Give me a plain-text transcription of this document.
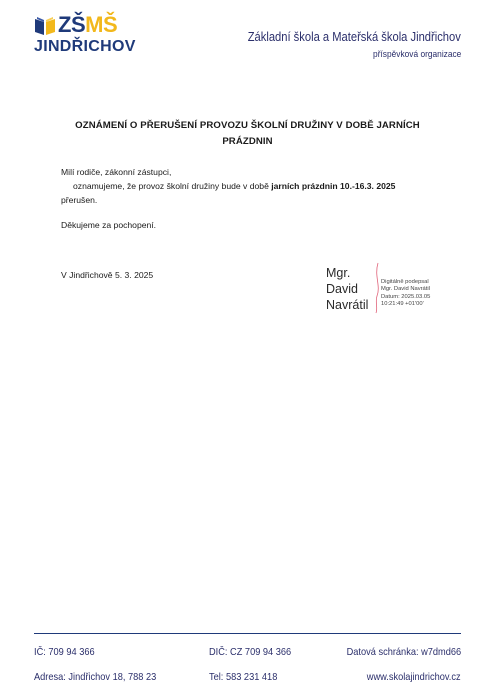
ZŠMŠ
JINDŘICHOV
Základní škola a Mateřská škola Jindřichov
příspěvková organizace
OZNÁMENÍ O PŘERUŠENÍ PROVOZU ŠKOLNÍ DRUŽINY V DOBĚ JARNÍCH
PRÁZDNIN
Milí rodiče, zákonní zástupci,
oznamujeme, že provoz školní družiny bude v době jarních prázdnin 10.-16.3. 2025
přerušen.
Děkujeme za pochopení.
V Jindřichově 5. 3. 2025	Mgr.
David
Navrátil
Digitálně podepsal
Mgr. David Navrátil
Datum: 2025.03.05
10:21:49 +01'00'
IČ: 709 94 366	DIČ: CZ 709 94 366	Datová schránka: w7dmd66
Adresa: Jindřichov 18, 788 23	Tel: 583 231 418	www.skolajindrichov.cz
